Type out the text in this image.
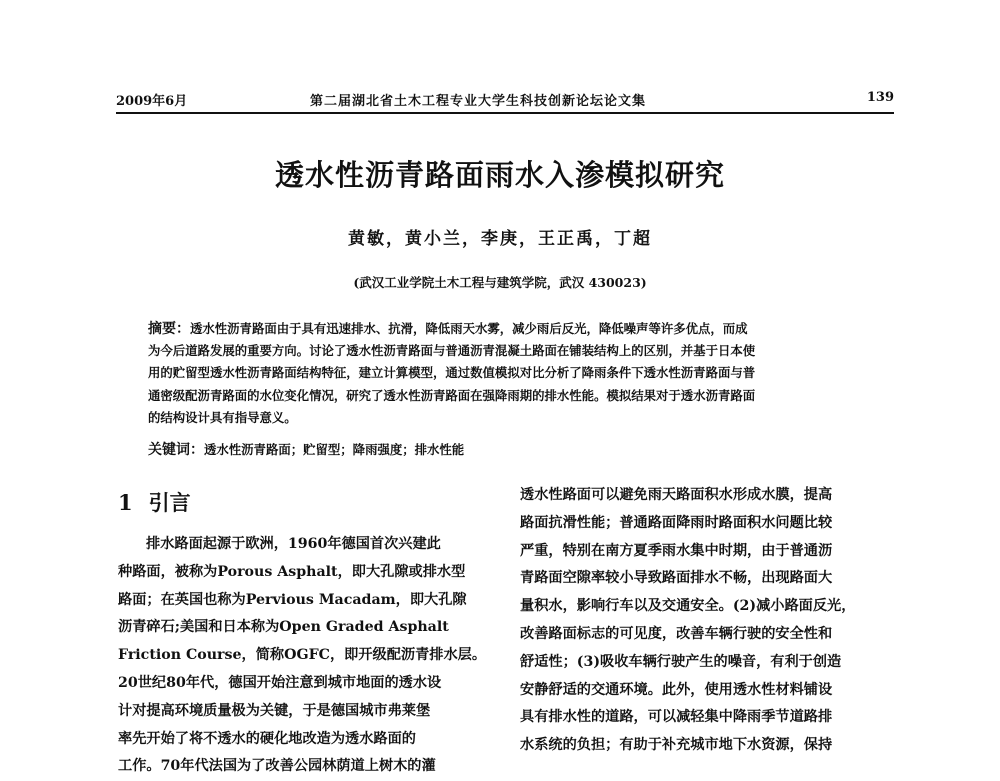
2009年6月	第二届湖北省土木工程专业大学生科技创新论坛论文集	139
透水性沥青路面雨水入渗模拟研究
黄敏，黄小兰，李庚，王正禹，丁超
(武汉工业学院土木工程与建筑学院，武汉 430023)
摘要：透水性沥青路面由于具有迅速排水、抗滑，降低雨天水雾，减少雨后反光，降低噪声等许多优点，而成
为今后道路发展的重要方向。讨论了透水性沥青路面与普通沥青混凝土路面在铺装结构上的区别，并基于日本使
用的贮留型透水性沥青路面结构特征，建立计算模型，通过数值模拟对比分析了降雨条件下透水性沥青路面与普
通密级配沥青路面的水位变化情况，研究了透水性沥青路面在强降雨期的排水性能。模拟结果对于透水沥青路面
的结构设计具有指导意义。
关键词：透水性沥青路面；贮留型；降雨强度；排水性能
1 引言
排水路面起源于欧洲，1960年德国首次兴建此
种路面，被称为Porous Asphalt，即大孔隙或排水型
路面；在英国也称为Pervious Macadam，即大孔隙
沥青碎石;美国和日本称为Open Graded Asphalt
Friction Course，简称OGFC，即开级配沥青排水层。
20世纪80年代，德国开始注意到城市地面的透水设
计对提高环境质量极为关键，于是德国城市弗莱堡
率先开始了将不透水的硬化地改造为透水路面的
工作。70年代法国为了改善公园林荫道上树木的灌
透水性路面可以避免雨天路面积水形成水膜，提高
路面抗滑性能；普通路面降雨时路面积水问题比较
严重，特别在南方夏季雨水集中时期，由于普通沥
青路面空隙率较小导致路面排水不畅，出现路面大
量积水，影响行车以及交通安全。(2)减小路面反光，
改善路面标志的可见度，改善车辆行驶的安全性和
舒适性；(3)吸收车辆行驶产生的噪音，有利于创造
安静舒适的交通环境。此外，使用透水性材料铺设
具有排水性的道路，可以减轻集中降雨季节道路排
水系统的负担；有助于补充城市地下水资源，保持
